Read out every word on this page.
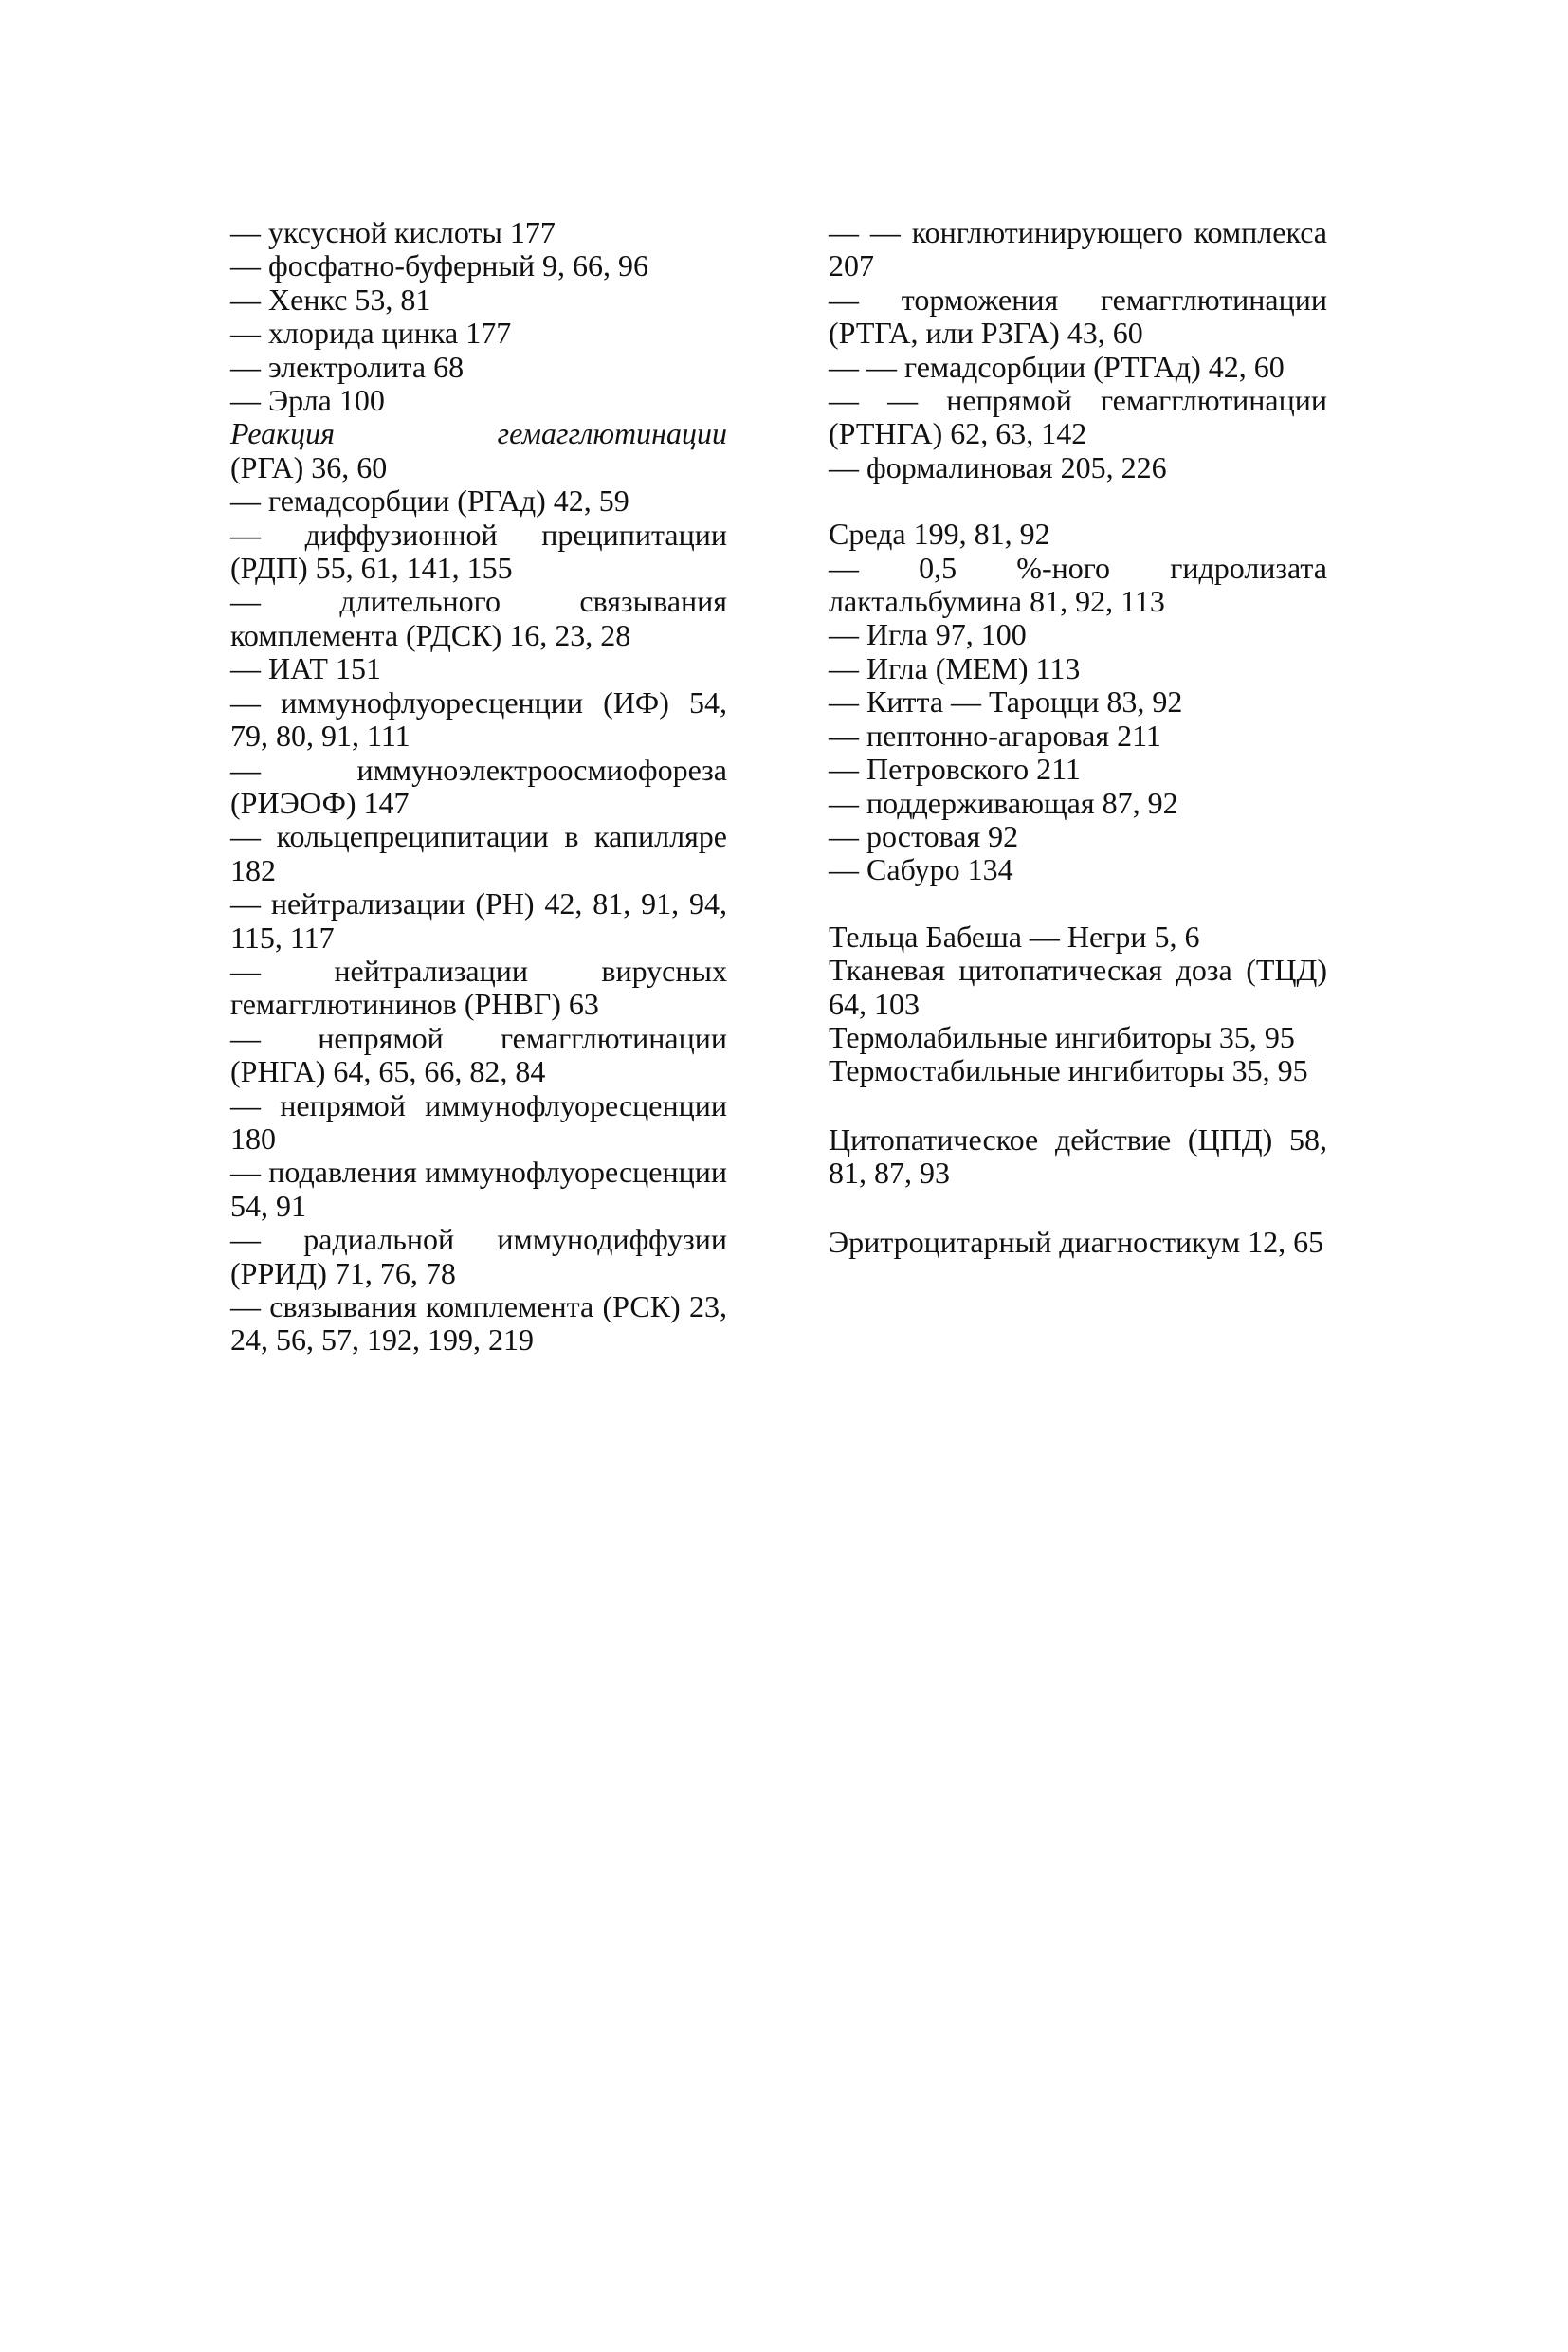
— уксусной кислоты 177

— фосфатно-буферный 9, 66, 96

— Хенкс 53, 81

— хлорида цинка 177

— электролита 68

— Эрла 100

Реакция	гемагглютинации

(РГА) 36, 60

— гемадсорбции (РГАд) 42, 59

— диффузионной преципитации (РДП) 55, 61, 141, 155

— длительного связывания комплемента (РДСК) 16, 23, 28

— ИАТ 151

— иммунофлуоресценции (ИФ) 54, 79, 80, 91, 111

— иммуноэлектроосмиофореза (РИЭОФ) 147

— кольцепреципитации в капилляре 182

— нейтрализации (РН) 42, 81, 91, 94, 115, 117

— нейтрализации вирусных гемагглютининов (РНВГ) 63

— непрямой гемагглютинации (РНГА) 64, 65, 66, 82, 84

— непрямой иммунофлуоресценции 180

— подавления иммунофлуоресценции 54, 91

— радиальной иммунодиффузии (РРИД) 71, 76, 78

— связывания комплемента (РСК) 23, 24, 56, 57, 192, 199, 219

— — конглютинирующего комплекса 207

— торможения гемагглютинации (РТГА, или РЗГА) 43, 60

— — гемадсорбции (РТГАд) 42, 60

— — непрямой гемагглютинации (РТНГА) 62, 63, 142

— формалиновая 205, 226

Среда 199, 81, 92

— 0,5 %-ного гидролизата лактальбумина 81, 92, 113

— Игла 97, 100

— Игла (МЕМ) 113

— Китта — Тароцци 83, 92

— пептонно-агаровая 211

— Петровского 211

— поддерживающая 87, 92

— ростовая 92

— Сабуро 134

Тельца Бабеша — Негри 5, 6

Тканевая цитопатическая доза (ТЦД) 64, 103

Термолабильные ингибиторы 35, 95

Термостабильные ингибиторы 35, 95

Цитопатическое действие (ЦПД) 58, 81, 87, 93

Эритроцитарный диагностикум 12, 65
